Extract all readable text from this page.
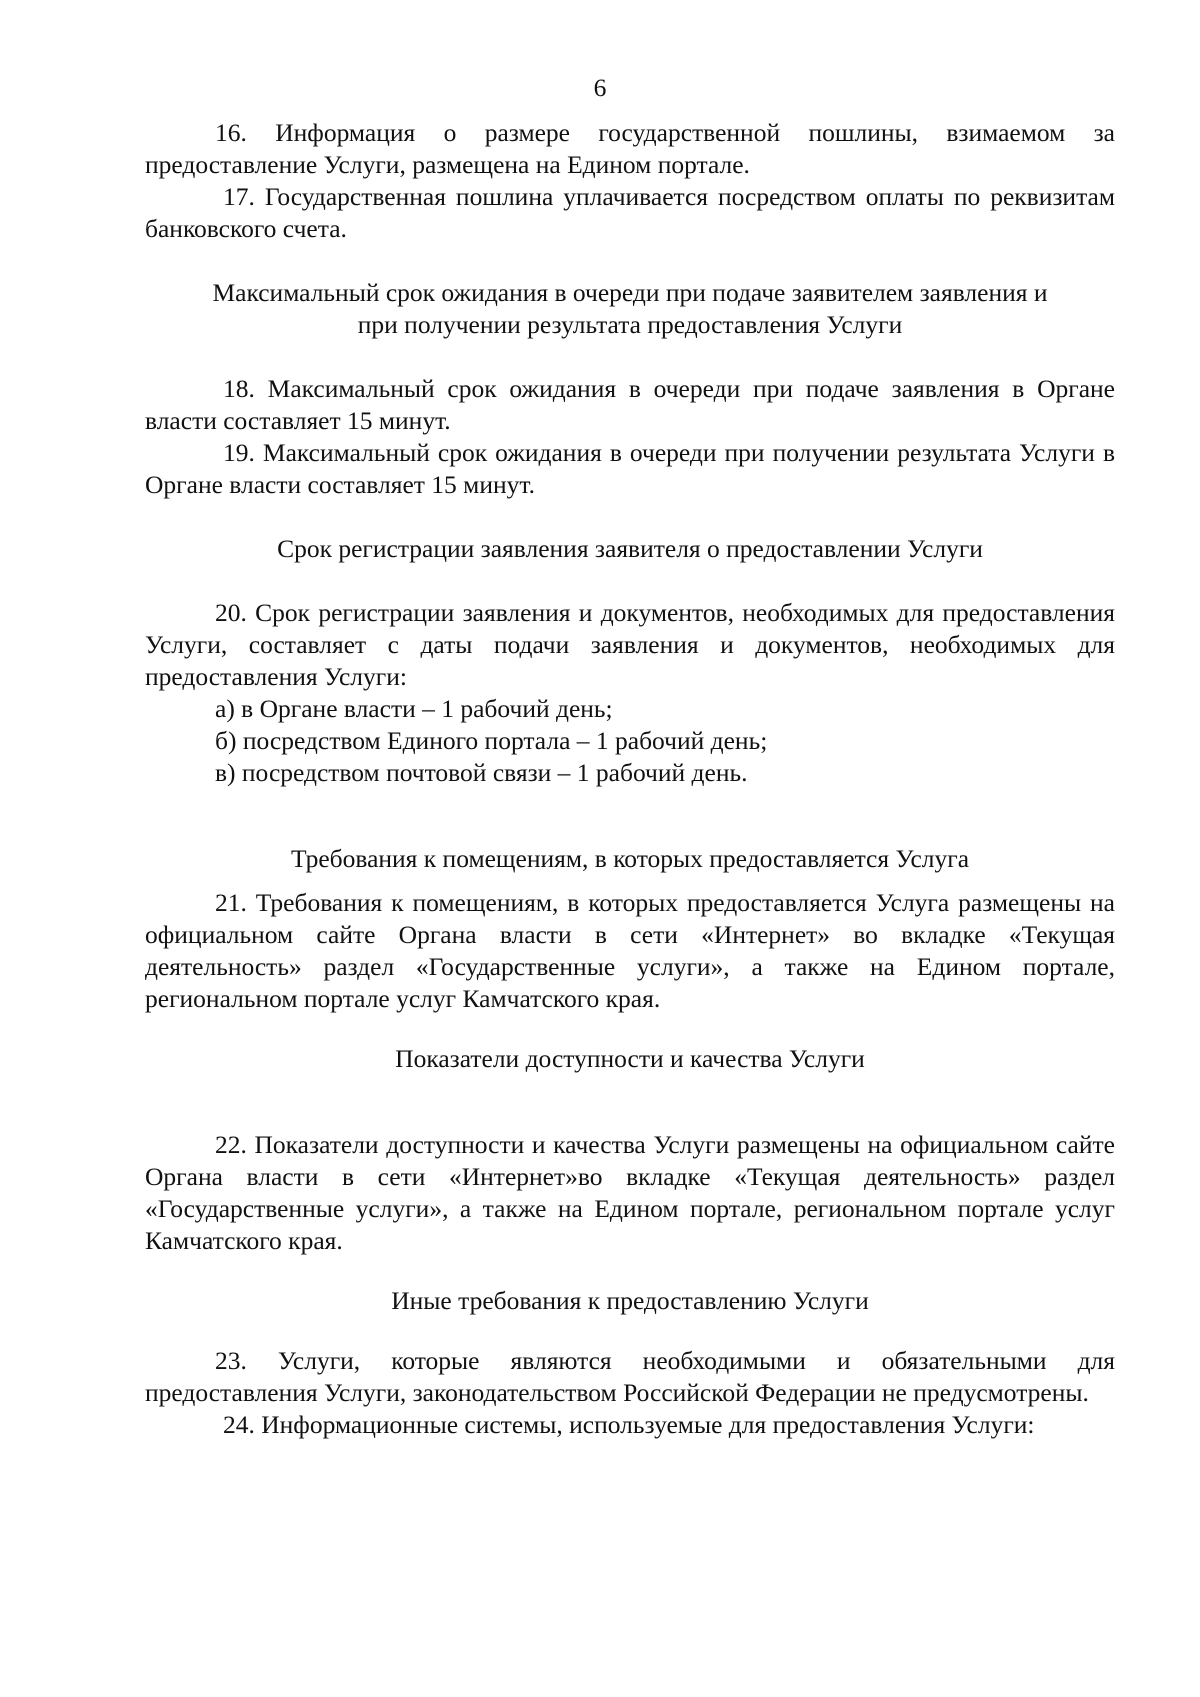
6

16. Информация о размере государственной пошлины, взимаемом за предоставление Услуги, размещена на Едином портале.

17. Государственная пошлина уплачивается посредством оплаты по реквизитам банковского счета.

Максимальный срок ожидания в очереди при подаче заявителем заявления и

при получении результата предоставления Услуги

18. Максимальный срок ожидания в очереди при подаче заявления в Органе власти составляет 15 минут.

19. Максимальный срок ожидания в очереди при получении результата Услуги в Органе власти составляет 15 минут.

Срок регистрации заявления заявителя о предоставлении Услуги

20. Срок регистрации заявления и документов, необходимых для предоставления Услуги, составляет с даты подачи заявления и документов, необходимых для предоставления Услуги:

а) в Органе власти – 1 рабочий день;

б) посредством Единого портала – 1 рабочий день;

в) посредством почтовой связи – 1 рабочий день.

Требования к помещениям, в которых предоставляется Услуга

21. Требования к помещениям, в которых предоставляется Услуга размещены на официальном сайте Органа власти в сети «Интернет» во вкладке «Текущая деятельность» раздел «Государственные услуги», а также на Едином портале, региональном портале услуг Камчатского края.

Показатели доступности и качества Услуги

22. Показатели доступности и качества Услуги размещены на официальном сайте Органа власти в сети «Интернет»во вкладке «Текущая деятельность» раздел «Государственные услуги», а также на Едином портале, региональном портале услуг Камчатского края.

Иные требования к предоставлению Услуги

23. Услуги, которые являются необходимыми и обязательными для предоставления Услуги, законодательством Российской Федерации не предусмотрены.

24. Информационные системы, используемые для предоставления Услуги:
